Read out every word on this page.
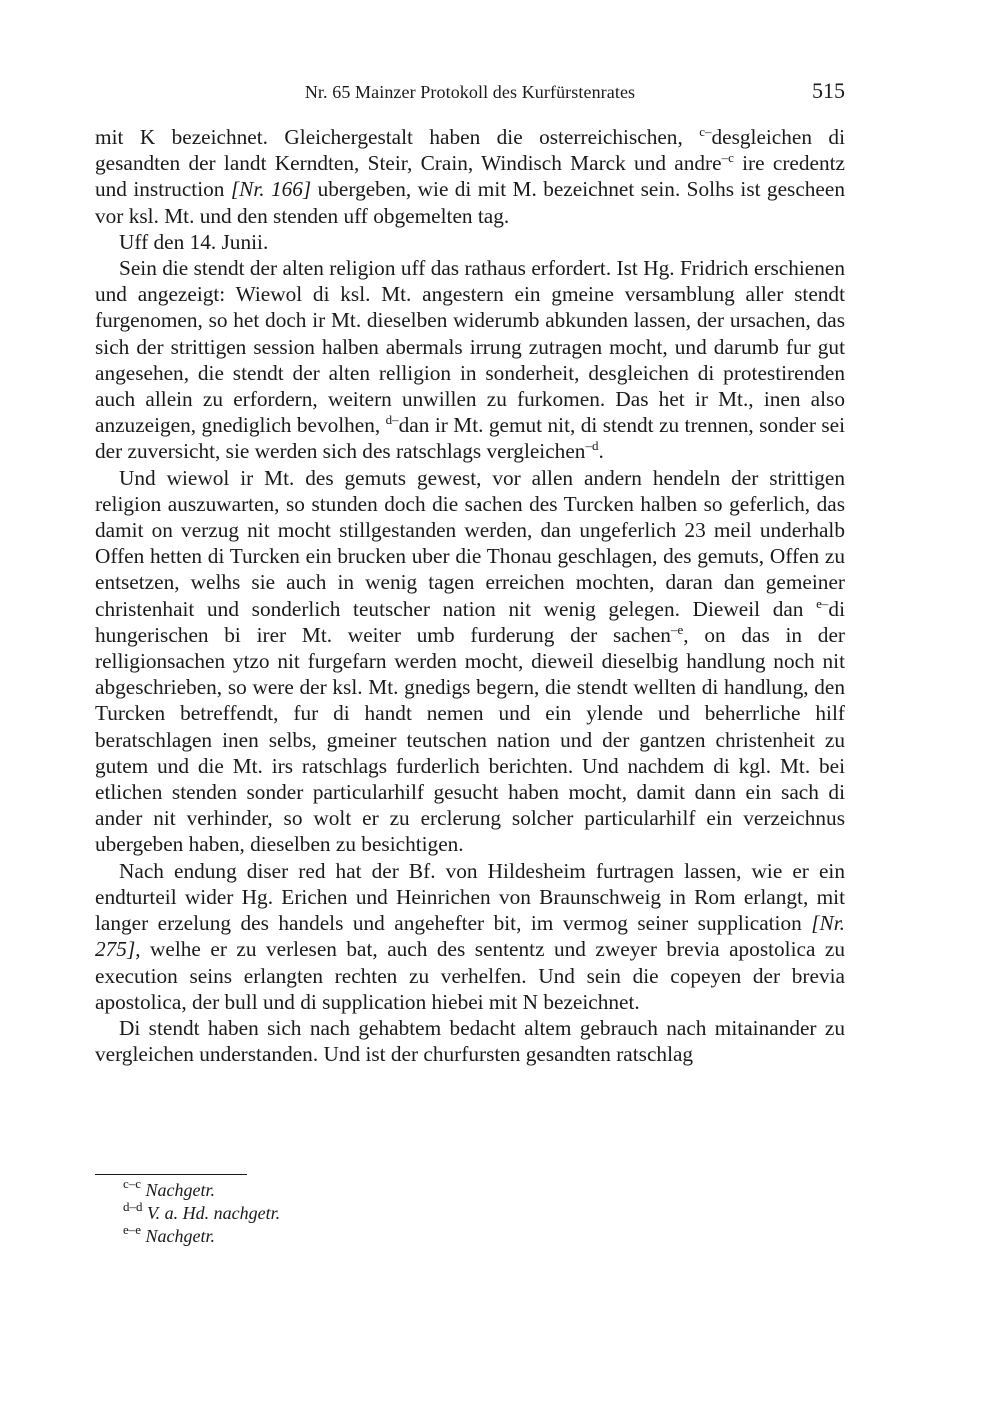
Nr. 65 Mainzer Protokoll des Kurfürstenrates	515

mit K bezeichnet. Gleichergestalt haben die osterreichischen, $^{c-}$desgleichen di gesandten der landt Kerndten, Steir, Crain, Windisch Marck und andre$^{-c}$ ire credentz und instruction [Nr. 166] ubergeben, wie di mit M. bezeichnet sein. Solhs ist gescheen vor ksl. Mt. und den stenden uff obgemelten tag.

Uff den 14. Junii.

Sein die stendt der alten religion uff das rathaus erfordert. Ist Hg. Fridrich erschienen und angezeigt: Wiewol di ksl. Mt. angestern ein gmeine versamblung aller stendt furgenomen, so het doch ir Mt. dieselben widerumb abkunden lassen, der ursachen, das sich der strittigen session halben abermals irrung zutragen mocht, und darumb fur gut angesehen, die stendt der alten relligion in sonderheit, desgleichen di protestirenden auch allein zu erfordern, weitern unwillen zu furkomen. Das het ir Mt., inen also anzuzeigen, gnediglich bevolhen, $^{d-}$dan ir Mt. gemut nit, di stendt zu trennen, sonder sei der zuversicht, sie werden sich des ratschlags vergleichen$^{-d}$.

Und wiewol ir Mt. des gemuts gewest, vor allen andern hendeln der strittigen religion auszuwarten, so stunden doch die sachen des Turcken halben so geferlich, das damit on verzug nit mocht stillgestanden werden, dan ungeferlich 23 meil underhalb Offen hetten di Turcken ein brucken uber die Thonau geschlagen, des gemuts, Offen zu entsetzen, welhs sie auch in wenig tagen erreichen mochten, daran dan gemeiner christenhait und sonderlich teutscher nation nit wenig gelegen. Dieweil dan $^{e-}$di hungerischen bi irer Mt. weiter umb furderung der sachen$^{-e}$, on das in der relligionsachen ytzo nit furgefarn werden mocht, dieweil dieselbig handlung noch nit abgeschrieben, so were der ksl. Mt. gnedigs begern, die stendt wellten di handlung, den Turcken betreffendt, fur di handt nemen und ein ylende und beherrliche hilf beratschlagen inen selbs, gmeiner teutschen nation und der gantzen christenheit zu gutem und die Mt. irs ratschlags furderlich berichten. Und nachdem di kgl. Mt. bei etlichen stenden sonder particularhilf gesucht haben mocht, damit dann ein sach di ander nit verhinder, so wolt er zu erclerung solcher particularhilf ein verzeichnus ubergeben haben, dieselben zu besichtigen.

Nach endung diser red hat der Bf. von Hildesheim furtragen lassen, wie er ein endturteil wider Hg. Erichen und Heinrichen von Braunschweig in Rom erlangt, mit langer erzelung des handels und angehefter bit, im vermog seiner supplication [Nr. 275], welhe er zu verlesen bat, auch des sententz und zweyer brevia apostolica zu execution seins erlangten rechten zu verhelfen. Und sein die copeyen der brevia apostolica, der bull und di supplication hiebei mit N bezeichnet.

Di stendt haben sich nach gehabtem bedacht altem gebrauch nach mitainander zu vergleichen understanden. Und ist der churfursten gesandten ratschlag

$^{c-c}$ Nachgetr.
$^{d-d}$ V. a. Hd. nachgetr.
$^{e-e}$ Nachgetr.
